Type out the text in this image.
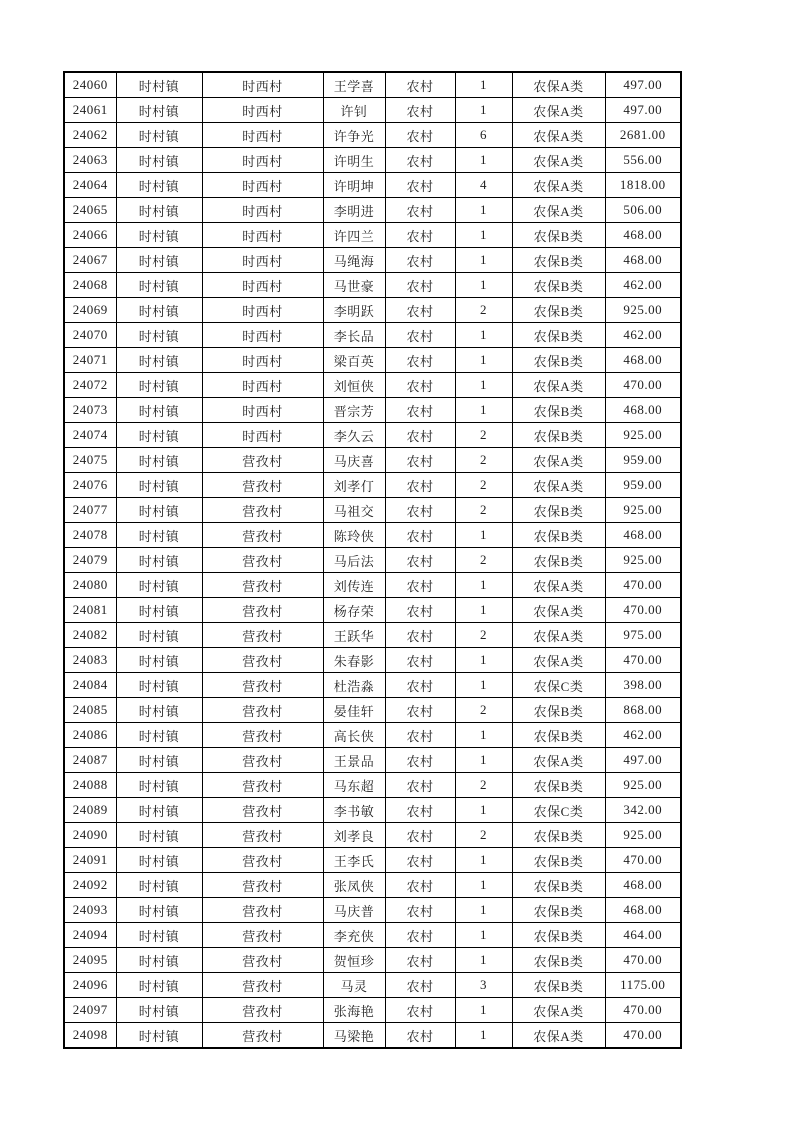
24060	时村镇	时西村	王学喜	农村	1	农保A类	497.00
24061	时村镇	时西村	许钊	农村	1	农保A类	497.00
24062	时村镇	时西村	许争光	农村	6	农保A类	2681.00
24063	时村镇	时西村	许明生	农村	1	农保A类	556.00
24064	时村镇	时西村	许明坤	农村	4	农保A类	1818.00
24065	时村镇	时西村	李明进	农村	1	农保A类	506.00
24066	时村镇	时西村	许四兰	农村	1	农保B类	468.00
24067	时村镇	时西村	马绳海	农村	1	农保B类	468.00
24068	时村镇	时西村	马世豪	农村	1	农保B类	462.00
24069	时村镇	时西村	李明跃	农村	2	农保B类	925.00
24070	时村镇	时西村	李长品	农村	1	农保B类	462.00
24071	时村镇	时西村	梁百英	农村	1	农保B类	468.00
24072	时村镇	时西村	刘恒侠	农村	1	农保A类	470.00
24073	时村镇	时西村	晋宗芳	农村	1	农保B类	468.00
24074	时村镇	时西村	李久云	农村	2	农保B类	925.00
24075	时村镇	营孜村	马庆喜	农村	2	农保A类	959.00
24076	时村镇	营孜村	刘孝仃	农村	2	农保A类	959.00
24077	时村镇	营孜村	马祖交	农村	2	农保B类	925.00
24078	时村镇	营孜村	陈玲侠	农村	1	农保B类	468.00
24079	时村镇	营孜村	马后法	农村	2	农保B类	925.00
24080	时村镇	营孜村	刘传连	农村	1	农保A类	470.00
24081	时村镇	营孜村	杨存荣	农村	1	农保A类	470.00
24082	时村镇	营孜村	王跃华	农村	2	农保A类	975.00
24083	时村镇	营孜村	朱春影	农村	1	农保A类	470.00
24084	时村镇	营孜村	杜浩淼	农村	1	农保C类	398.00
24085	时村镇	营孜村	晏佳轩	农村	2	农保B类	868.00
24086	时村镇	营孜村	高长侠	农村	1	农保B类	462.00
24087	时村镇	营孜村	王景品	农村	1	农保A类	497.00
24088	时村镇	营孜村	马东超	农村	2	农保B类	925.00
24089	时村镇	营孜村	李书敏	农村	1	农保C类	342.00
24090	时村镇	营孜村	刘孝良	农村	2	农保B类	925.00
24091	时村镇	营孜村	王李氏	农村	1	农保B类	470.00
24092	时村镇	营孜村	张凤侠	农村	1	农保B类	468.00
24093	时村镇	营孜村	马庆普	农村	1	农保B类	468.00
24094	时村镇	营孜村	李充侠	农村	1	农保B类	464.00
24095	时村镇	营孜村	贺恒珍	农村	1	农保B类	470.00
24096	时村镇	营孜村	马灵	农村	3	农保B类	1175.00
24097	时村镇	营孜村	张海艳	农村	1	农保A类	470.00
24098	时村镇	营孜村	马梁艳	农村	1	农保A类	470.00
